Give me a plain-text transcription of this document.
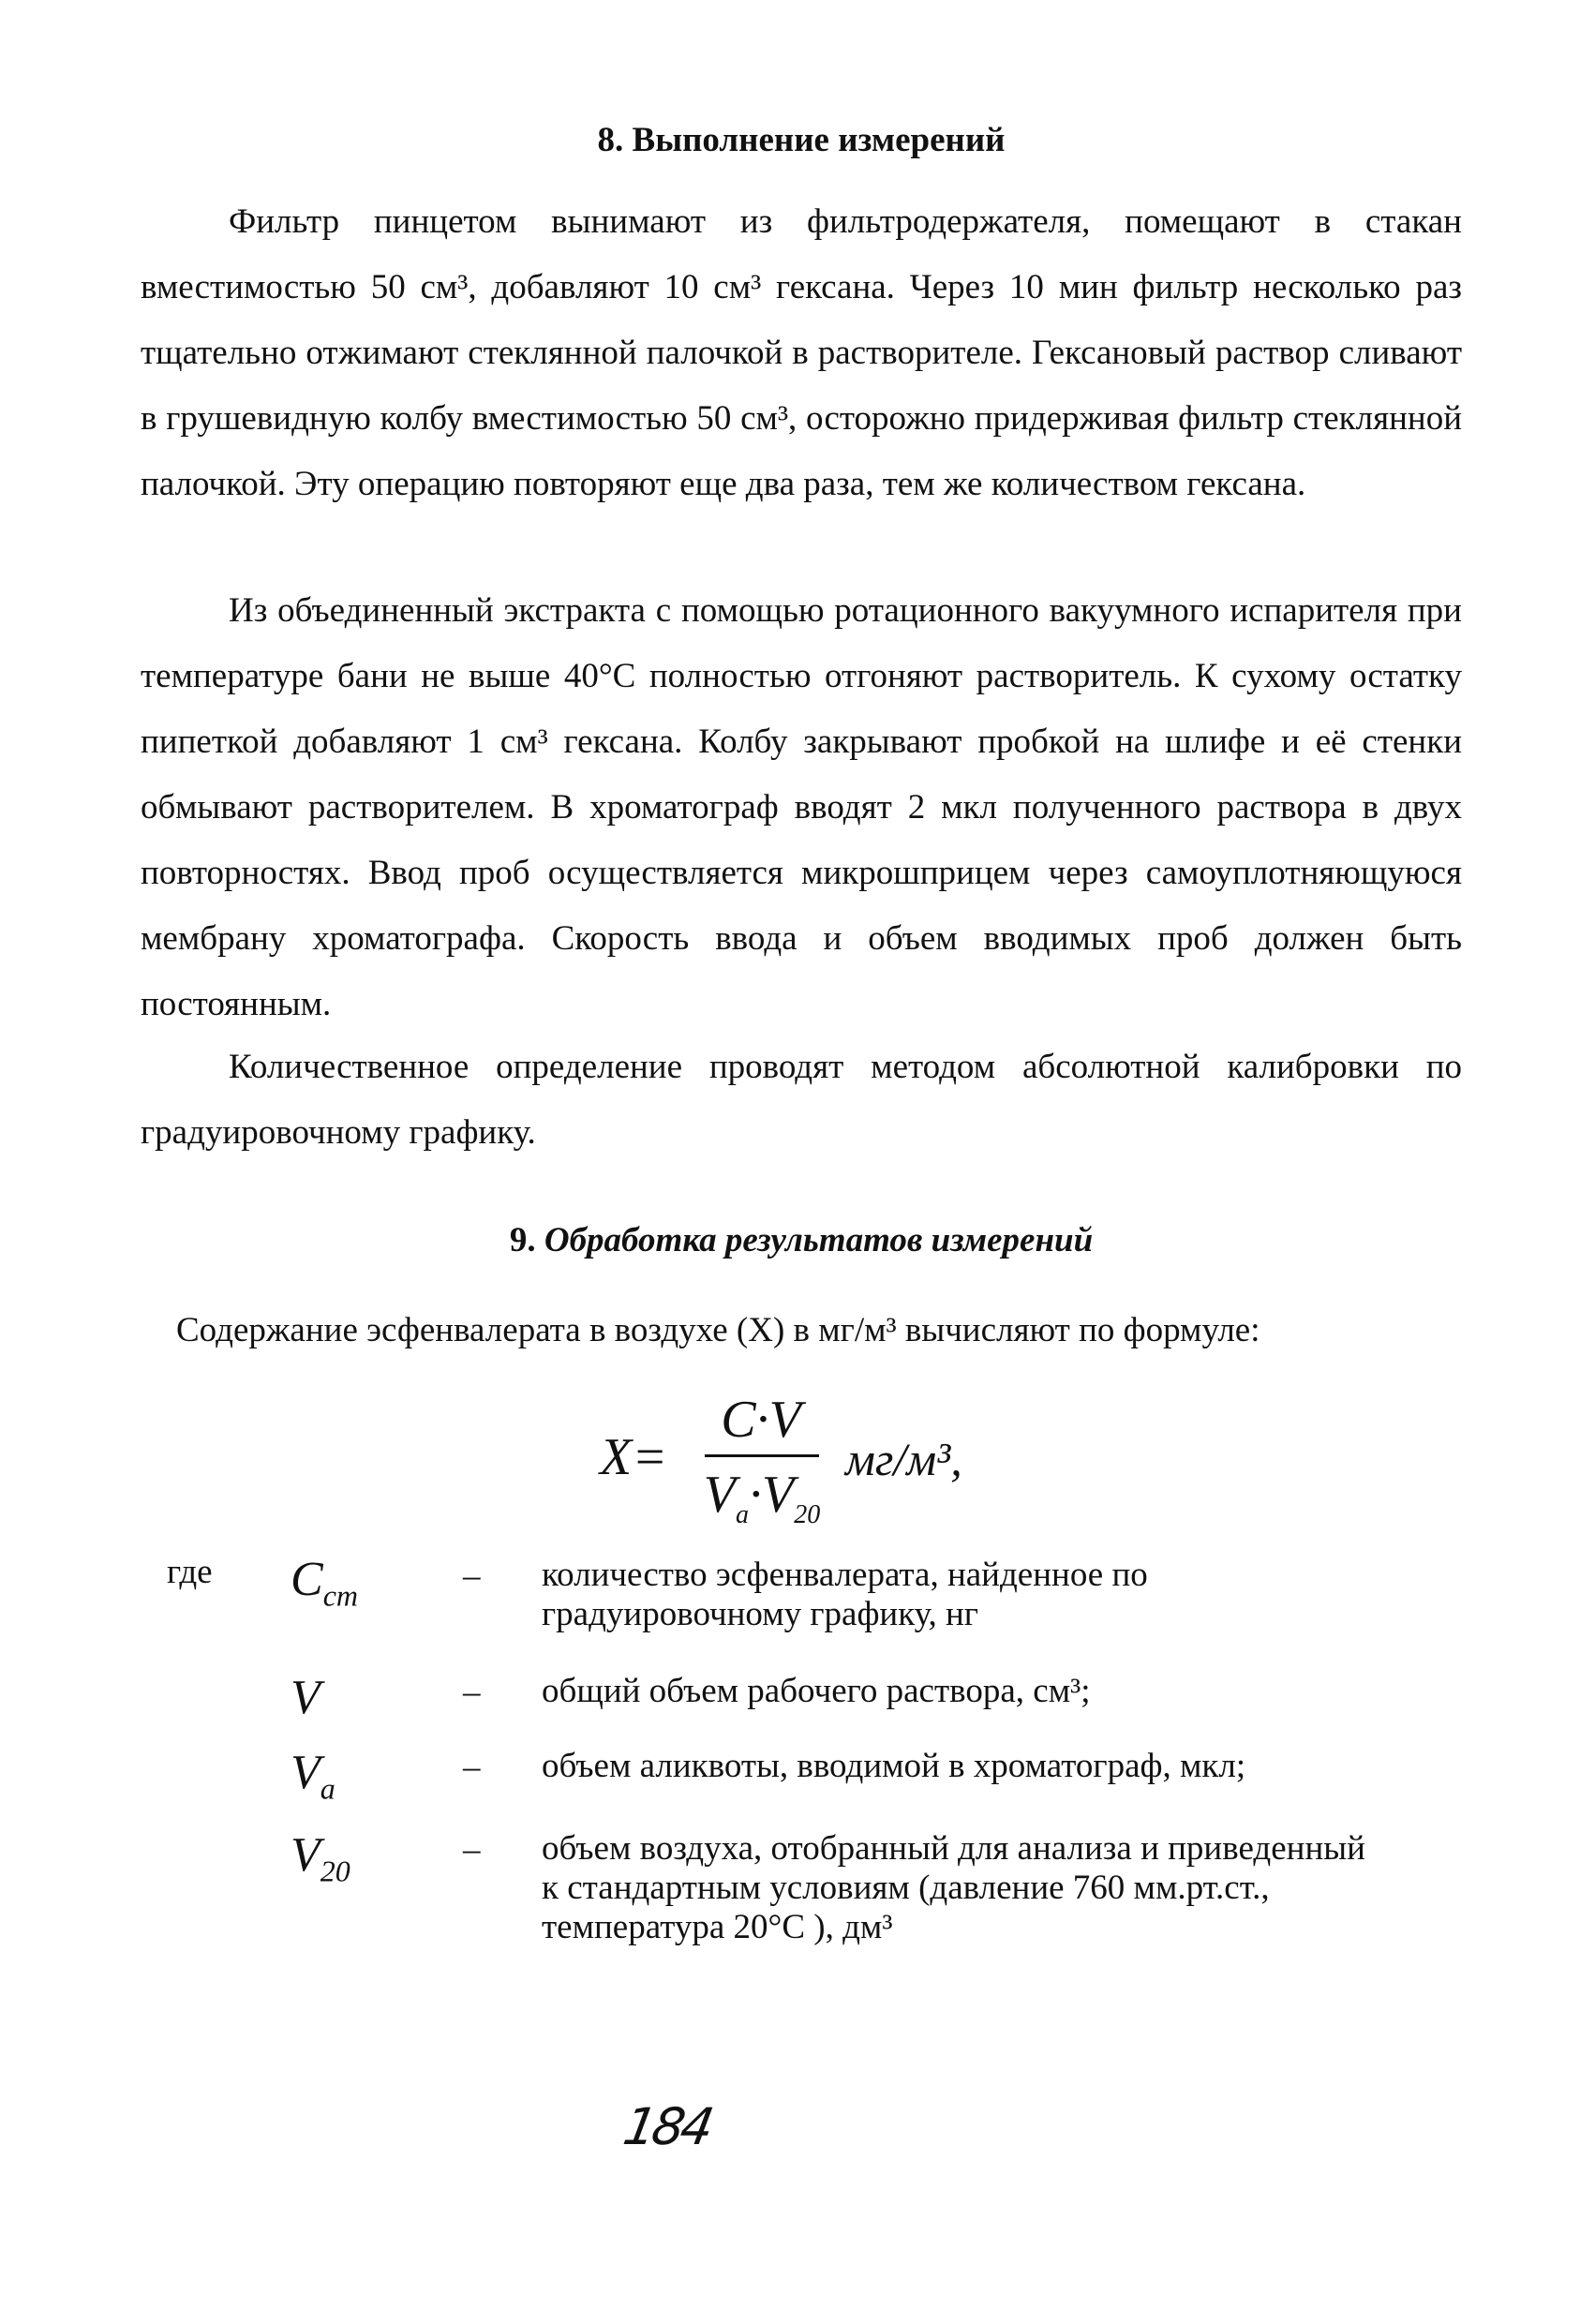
8. Выполнение измерений

Фильтр пинцетом вынимают из фильтродержателя, помещают в стакан вместимостью 50 см³, добавляют 10 см³ гексана. Через 10 мин фильтр несколько раз тщательно отжимают стеклянной палочкой в растворителе. Гексановый раствор сливают в грушевидную колбу вместимостью 50 см³, осторожно придерживая фильтр стеклянной палочкой. Эту операцию повторяют еще два раза, тем же количеством гексана.

Из объединенный экстракта с помощью ротационного вакуумного испарителя при температуре бани не выше 40°С полностью отгоняют растворитель. К сухому остатку пипеткой добавляют 1 см³ гексана. Колбу закрывают пробкой на шлифе и её стенки обмывают растворителем. В хроматограф вводят 2 мкл полученного раствора в двух повторностях. Ввод проб осуществляется микрошприцем через самоуплотняющуюся мембрану хроматографа. Скорость ввода и объем вводимых проб должен быть постоянным.

Количественное определение проводят методом абсолютной калибровки по градуировочному графику.

9. Обработка результатов измерений
Содержание эсфенвалерата в воздухе (X) в мг/м³ вычисляют по формуле:
X=
C·V
$V_a\cdot V_{20}$
мг/м³,
где $C_{ст}$
– количество эсфенвалерата, найденное по градуировочному графику, нг
V	– общий объем рабочего раствора, см³;
$V_a$
– объем аликвоты, вводимой в хроматограф, мкл;
$V_{20}$
– объем воздуха, отобранный для анализа и приведенный к стандартным условиям (давление 760 мм.рт.ст., температура 20°С ), дм³
184
